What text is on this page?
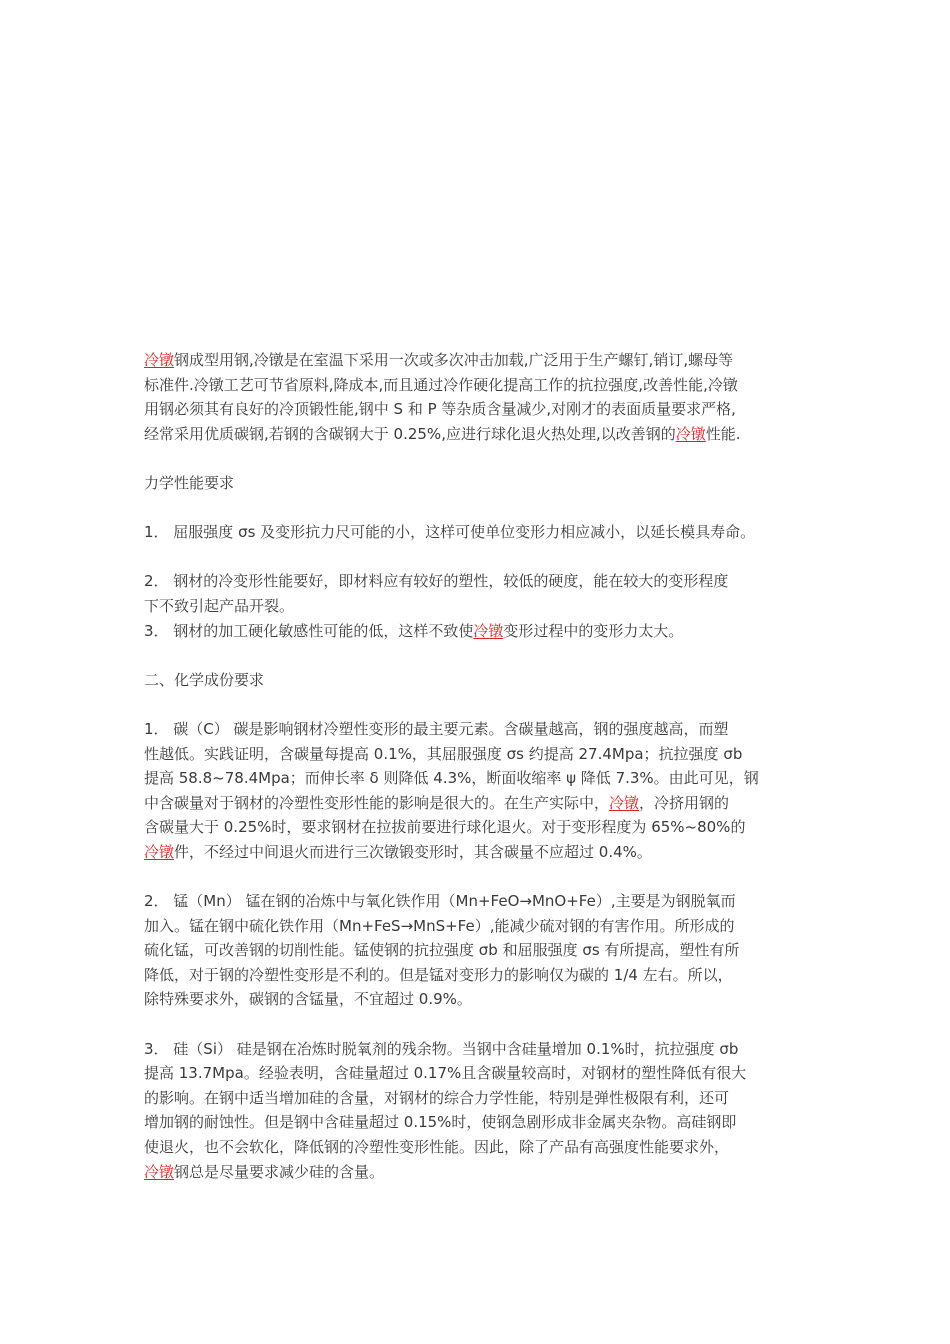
冷镦钢成型用钢,冷镦是在室温下采用一次或多次冲击加载,广泛用于生产螺钉,销订,螺母等
标准件.冷镦工艺可节省原料,降成本,而且通过冷作硬化提高工作的抗拉强度,改善性能,冷镦
用钢必须其有良好的冷顶锻性能,钢中 S 和 P 等杂质含量减少,对刚才的表面质量要求严格,
经常采用优质碳钢,若钢的含碳钢大于 0.25%,应进行球化退火热处理,以改善钢的冷镦性能.

力学性能要求

1． 屈服强度 σs 及变形抗力尺可能的小，这样可使单位变形力相应减小，以延长模具寿命。

2． 钢材的冷变形性能要好，即材料应有较好的塑性，较低的硬度，能在较大的变形程度
下不致引起产品开裂。

3． 钢材的加工硬化敏感性可能的低，这样不致使冷镦变形过程中的变形力太大。

二、化学成份要求

1． 碳（C） 碳是影响钢材冷塑性变形的最主要元素。含碳量越高，钢的强度越高，而塑
性越低。实践证明，含碳量每提高 0.1%，其屈服强度 σs 约提高 27.4Mpa；抗拉强度 σb
提高 58.8~78.4Mpa；而伸长率 δ 则降低 4.3%，断面收缩率 ψ 降低 7.3%。由此可见，钢
中含碳量对于钢材的冷塑性变形性能的影响是很大的。在生产实际中，冷镦，冷挤用钢的
含碳量大于 0.25%时，要求钢材在拉拔前要进行球化退火。对于变形程度为 65%~80%的
冷镦件，不经过中间退火而进行三次镦锻变形时，其含碳量不应超过 0.4%。

2． 锰（Mn） 锰在钢的冶炼中与氧化铁作用（Mn+FeO→MnO+Fe）,主要是为钢脱氧而
加入。锰在钢中硫化铁作用（Mn+FeS→MnS+Fe）,能减少硫对钢的有害作用。所形成的
硫化锰，可改善钢的切削性能。锰使钢的抗拉强度 σb 和屈服强度 σs 有所提高，塑性有所
降低，对于钢的冷塑性变形是不利的。但是锰对变形力的影响仅为碳的 1/4 左右。所以，
除特殊要求外，碳钢的含锰量，不宜超过 0.9%。

3． 硅（Si） 硅是钢在冶炼时脱氧剂的残余物。当钢中含硅量增加 0.1%时，抗拉强度 σb
提高 13.7Mpa。经验表明，含硅量超过 0.17%且含碳量较高时，对钢材的塑性降低有很大
的影响。在钢中适当增加硅的含量，对钢材的综合力学性能，特别是弹性极限有利，还可
增加钢的耐蚀性。但是钢中含硅量超过 0.15%时，使钢急剧形成非金属夹杂物。高硅钢即
使退火，也不会软化，降低钢的冷塑性变形性能。因此，除了产品有高强度性能要求外，
冷镦钢总是尽量要求减少硅的含量。
